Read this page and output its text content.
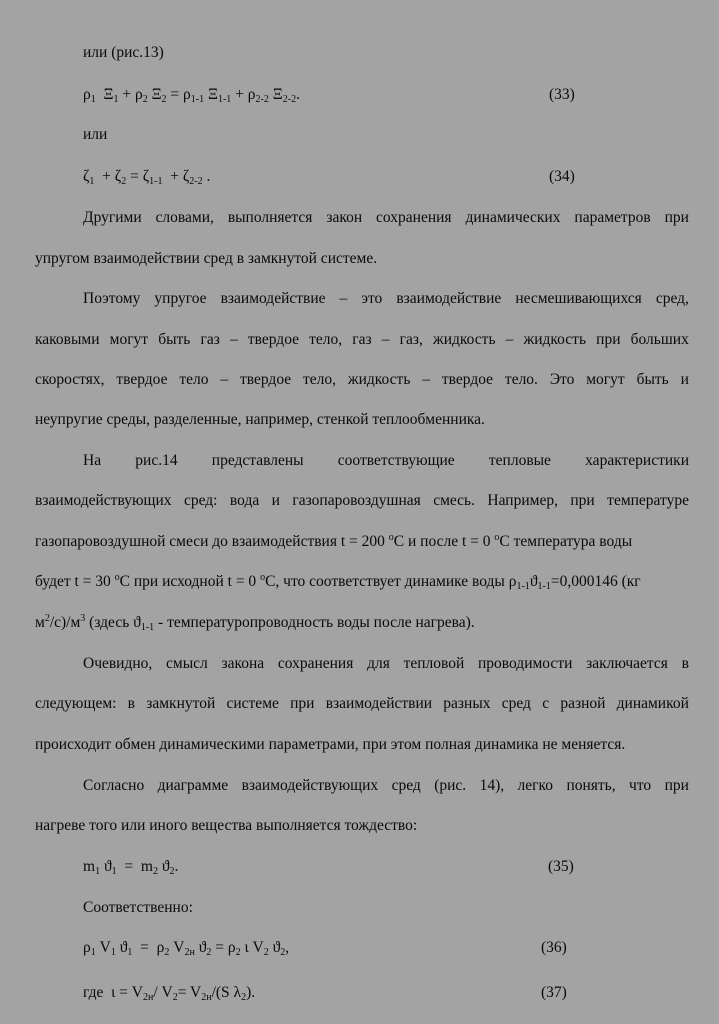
или (рис.13)
$\rho_1$  $\Xi_1 + \rho_2$ $\Xi_2 = \rho_{1-1}$ $\Xi_{1-1} + \rho_{2-2}$ $\Xi_{2-2}$.	(33)
или
$\zeta_1 + \zeta_2 = \zeta_{1-1} + \zeta_{2-2}$ .	(34)
Другими словами, выполняется закон сохранения динамических параметров при
упругом взаимодействии сред в замкнутой системе.
Поэтому упругое взаимодействие – это взаимодействие несмешивающихся сред,
каковыми могут быть газ – твердое тело, газ – газ, жидкость – жидкость при больших
скоростях, твердое тело – твердое тело, жидкость – твердое тело. Это могут быть и
неупругие среды, разделенные, например, стенкой теплообменника.
На рис.14 представлены соответствующие тепловые характеристики
взаимодействующих сред: вода и газопаровоздушная смесь. Например, при температуре
газопаровоздушной смеси до взаимодействия t = 200 $^o$C и после t = 0 $^o$C температура воды
будет t = 30 $^o$C при исходной t = 0 $^o$C, что соответствует динамике воды $\rho_{1-1}ϑ_{1-1}=0,000146$ (кг
$м^2/с)/м^3$ (здесь $ϑ_{1-1}$ - температуропроводность воды после нагрева).
Очевидно, смысл закона сохранения для тепловой проводимости заключается в
следующем: в замкнутой системе при взаимодействии разных сред с разной динамикой
происходит обмен динамическими параметрами, при этом полная динамика не меняется.
Согласно диаграмме взаимодействующих сред (рис. 14), легко понять, что при
нагреве того или иного вещества выполняется тождество:
$m_1$ $ϑ_1 = m_2$ $ϑ_2$.	(35)
Соответственно:
$\rho_1$ $V_1$ $ϑ_1 = \rho_2$ $V_{2н}$ $ϑ_2 = \rho_2$ ι $V_2$ $ϑ_2$,	(36)
где  $\iota = V_{2н}/$ $V_2= V_{2н}/(S$ $\lambda_2$).	(37)
